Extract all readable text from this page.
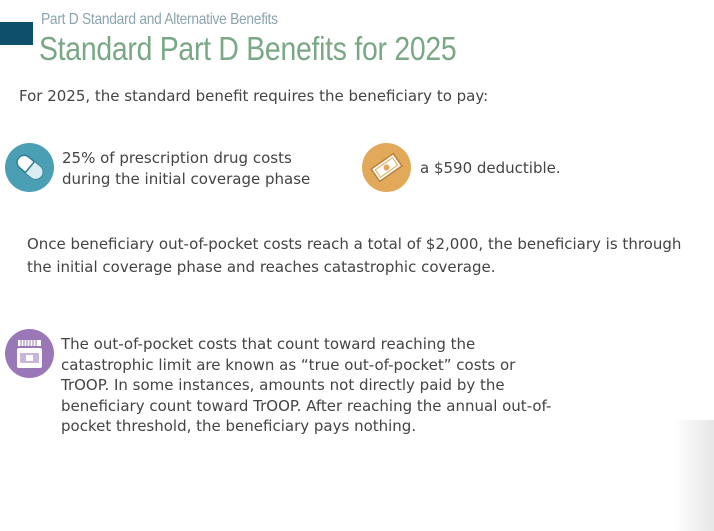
Part D Standard and Alternative Benefits
Standard Part D Benefits for 2025
For 2025, the standard benefit requires the beneficiary to pay:
25% of prescription drug costs
during the initial coverage phase
a $590 deductible.
Once beneficiary out-of-pocket costs reach a total of $2,000, the beneficiary is through
the initial coverage phase and reaches catastrophic coverage.
The out-of-pocket costs that count toward reaching the
catastrophic limit are known as “true out-of-pocket” costs or
TrOOP. In some instances, amounts not directly paid by the
beneficiary count toward TrOOP. After reaching the annual out-of-
pocket threshold, the beneficiary pays nothing.
